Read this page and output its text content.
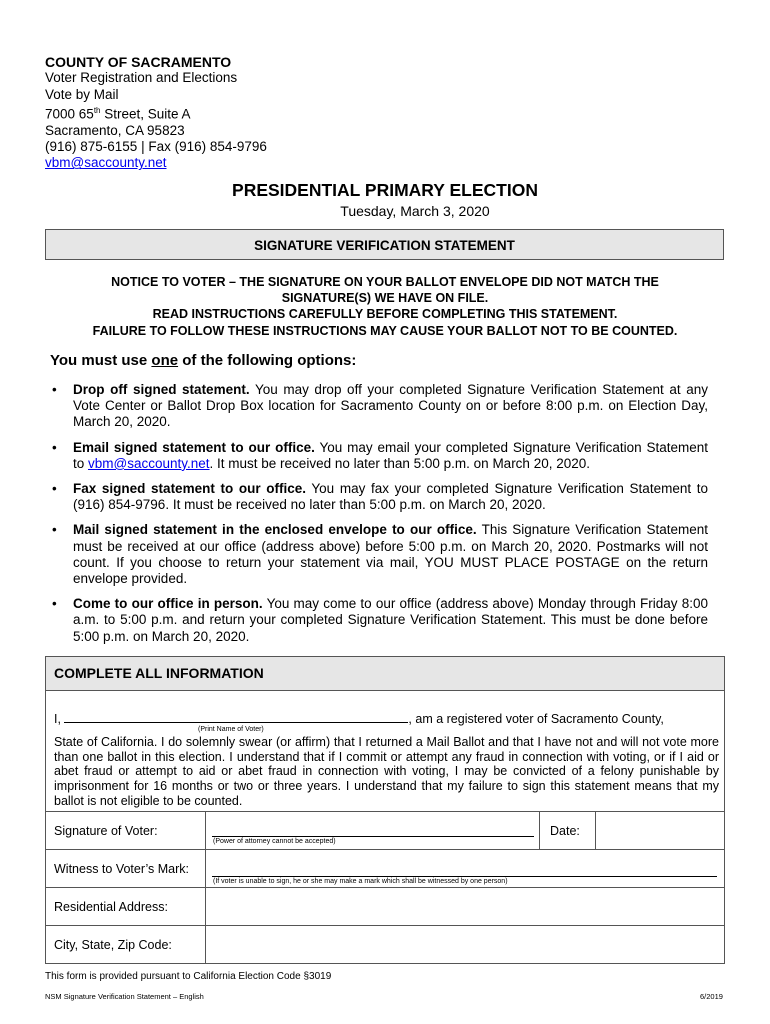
COUNTY OF SACRAMENTO
Voter Registration and Elections
Vote by Mail
7000 65th Street, Suite A
Sacramento, CA 95823
(916) 875-6155 | Fax (916) 854-9796
vbm@saccounty.net
PRESIDENTIAL PRIMARY ELECTION
Tuesday, March 3, 2020
SIGNATURE VERIFICATION STATEMENT
NOTICE TO VOTER – THE SIGNATURE ON YOUR BALLOT ENVELOPE DID NOT MATCH THE
SIGNATURE(S) WE HAVE ON FILE.
READ INSTRUCTIONS CAREFULLY BEFORE COMPLETING THIS STATEMENT.
FAILURE TO FOLLOW THESE INSTRUCTIONS MAY CAUSE YOUR BALLOT NOT TO BE COUNTED.
You must use one of the following options:
• Drop off signed statement. You may drop off your completed Signature Verification Statement at any Vote Center or Ballot Drop Box location for Sacramento County on or before 8:00 p.m. on Election Day, March 20, 2020.
• Email signed statement to our office. You may email your completed Signature Verification Statement to vbm@saccounty.net. It must be received no later than 5:00 p.m. on March 20, 2020.
• Fax signed statement to our office. You may fax your completed Signature Verification Statement to (916) 854-9796. It must be received no later than 5:00 p.m. on March 20, 2020.
• Mail signed statement in the enclosed envelope to our office. This Signature Verification Statement must be received at our office (address above) before 5:00 p.m. on March 20, 2020. Postmarks will not count. If you choose to return your statement via mail, YOU MUST PLACE POSTAGE on the return envelope provided.
• Come to our office in person. You may come to our office (address above) Monday through Friday 8:00 a.m. to 5:00 p.m. and return your completed Signature Verification Statement. This must be done before 5:00 p.m. on March 20, 2020.
COMPLETE ALL INFORMATION
I,	, am a registered voter of Sacramento County,
State of California. I do solemnly swear (or affirm) that I returned a Mail Ballot and that I have not and will not vote more than one ballot in this election. I understand that if I commit or attempt any fraud in connection with voting, or if I aid or abet fraud or attempt to aid or abet fraud in connection with voting, I may be convicted of a felony punishable by imprisonment for 16 months or two or three years. I understand that my failure to sign this statement means that my ballot is not eligible to be counted.
(Print Name of Voter)
Signature of Voter:	(Power of attorney cannot be accepted)	Date:	
Witness to Voter’s Mark:	(If voter is unable to sign, he or she may make a mark which shall be witnessed by one person)		

Residential Address:			
City, State, Zip Code:			
This form is provided pursuant to California Election Code §3019
NSM Signature Verification Statement – English	6/2019
